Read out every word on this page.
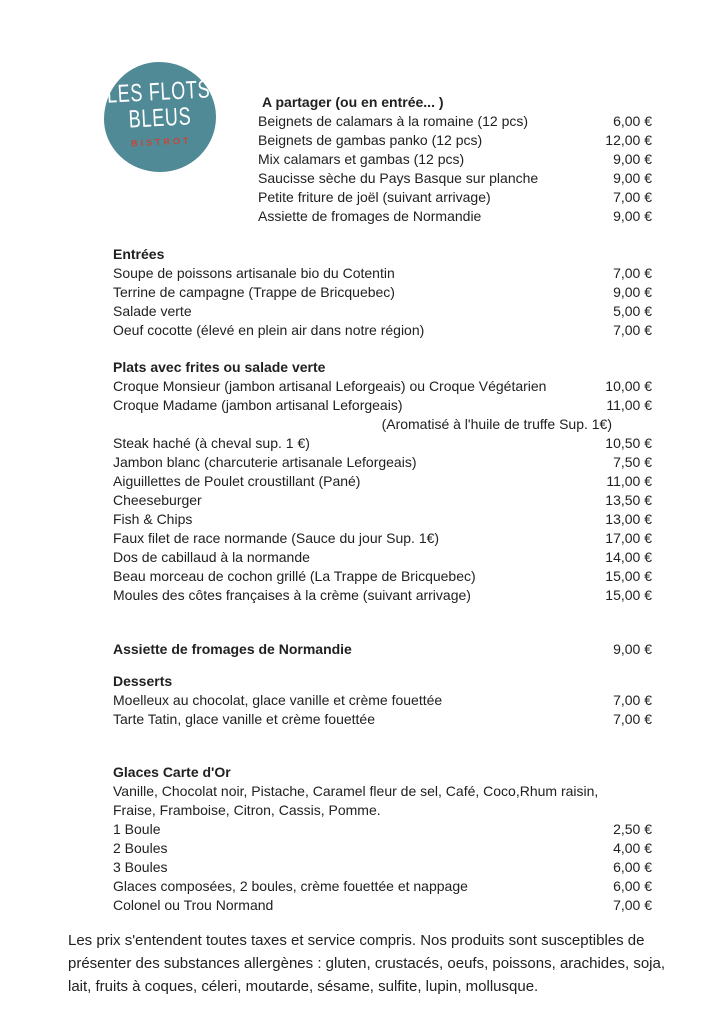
LES FLOTS
BLEUS
BISTROT
A partager (ou en entrée... )
Beignets de calamars à la romaine (12 pcs)	6,00 €
Beignets de gambas panko (12 pcs)	12,00 €
Mix calamars et gambas (12 pcs)	9,00 €
Saucisse sèche du Pays Basque sur planche	9,00 €
Petite friture de joël (suivant arrivage)	7,00 €
Assiette de fromages de Normandie	9,00 €
Entrées
Soupe de poissons artisanale bio du Cotentin	7,00 €
Terrine de campagne (Trappe de Bricquebec)	9,00 €
Salade verte	5,00 €
Oeuf cocotte (élevé en plein air dans notre région)	7,00 €
Plats avec frites ou salade verte
Croque Monsieur (jambon artisanal Leforgeais) ou Croque Végétarien	10,00 €
Croque Madame (jambon artisanal Leforgeais)	11,00 €
(Aromatisé à l'huile de truffe Sup. 1€)
Steak haché (à cheval sup. 1 €)	10,50 €
Jambon blanc (charcuterie artisanale Leforgeais)	7,50 €
Aiguillettes de Poulet croustillant (Pané)	11,00 €
Cheeseburger	13,50 €
Fish & Chips	13,00 €
Faux filet de race normande (Sauce du jour Sup. 1€)	17,00 €
Dos de cabillaud à la normande	14,00 €
Beau morceau de cochon grillé (La Trappe de Bricquebec)	15,00 €
Moules des côtes françaises à la crème (suivant arrivage)	15,00 €
Assiette de fromages de Normandie	9,00 €
Desserts
Moelleux au chocolat, glace vanille et crème fouettée	7,00 €
Tarte Tatin, glace vanille et crème fouettée	7,00 €
Glaces Carte d'Or

Vanille, Chocolat noir, Pistache, Caramel fleur de sel, Café, Coco,Rhum raisin,

Fraise, Framboise, Citron, Cassis, Pomme.

1 Boule	2,50 €
2 Boules	4,00 €
3 Boules	6,00 €
Glaces composées, 2 boules, crème fouettée et nappage	6,00 €
Colonel ou Trou Normand	7,00 €

Les prix s'entendent toutes taxes et service compris. Nos produits sont susceptibles de présenter des substances allergènes : gluten, crustacés, oeufs, poissons, arachides, soja, lait, fruits à coques, céleri, moutarde, sésame, sulfite, lupin, mollusque.
